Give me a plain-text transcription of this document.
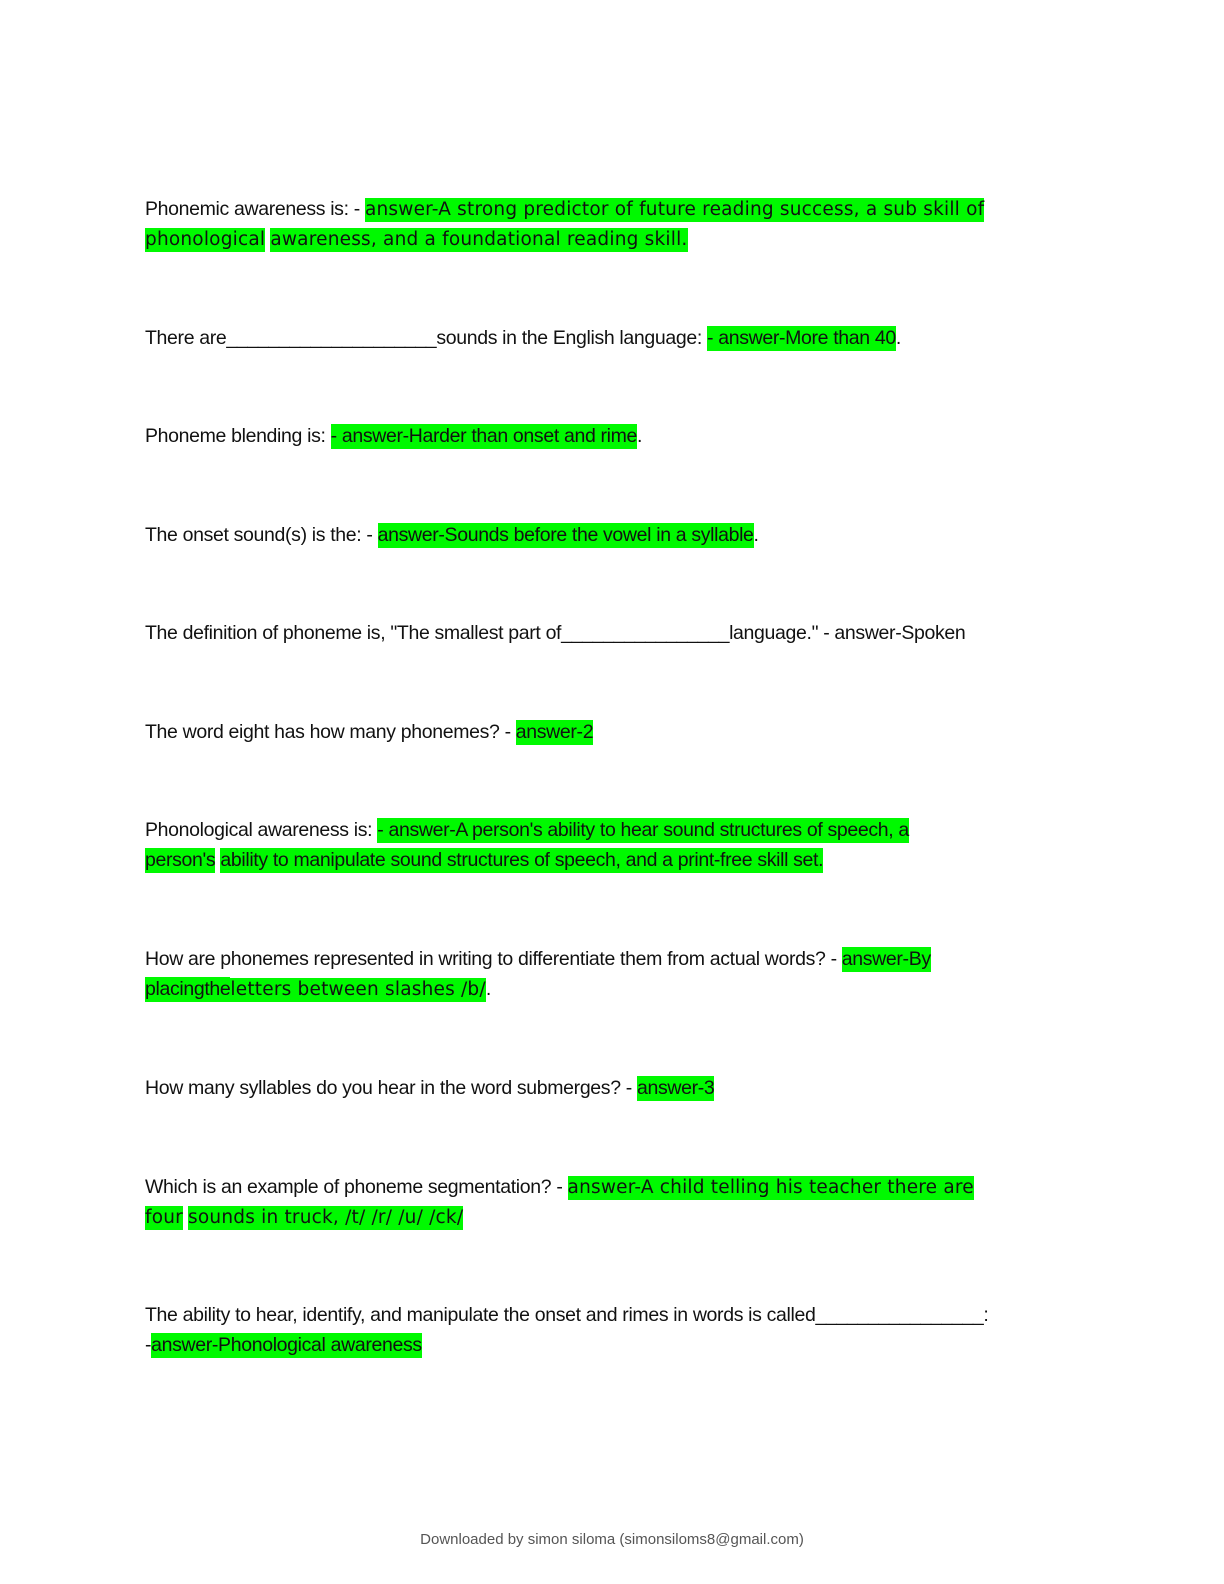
Phonemic awareness is: - answer-A strong predictor of future reading success, a sub skill of
phonological awareness, and a foundational reading skill.
There are____________________sounds in the English language: - answer-More than 40.
Phoneme blending is: - answer-Harder than onset and rime.
The onset sound(s) is the: - answer-Sounds before the vowel in a syllable.
The definition of phoneme is, "The smallest part of________________language." - answer-Spoken
The word eight has how many phonemes? - answer-2
Phonological awareness is: - answer-A person's ability to hear sound structures of speech, a
person's ability to manipulate sound structures of speech, and a print-free skill set.
How are phonemes represented in writing to differentiate them from actual words? - answer-By
placingtheletters between slashes /b/.
How many syllables do you hear in the word submerges? - answer-3
Which is an example of phoneme segmentation? - answer-A child telling his teacher there are
four sounds in truck, /t/ /r/ /u/ /ck/
The ability to hear, identify, and manipulate the onset and rimes in words is called________________:
-answer-Phonological awareness
Downloaded by simon siloma (simonsiloms8@gmail.com)
